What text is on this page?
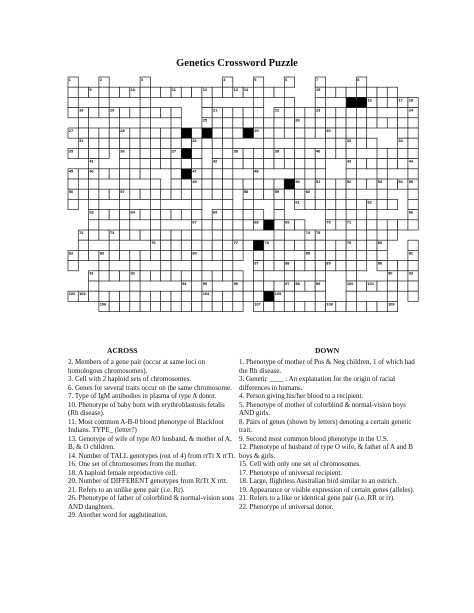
Genetics Crossword Puzzle
1	2	3	4	5	6	7	8
9	10	11	12	13 14	15
16	17 18
19	20	21	22	23	24
25	26
27	28	29	30
31	32	33	34
35	36	37	38	39	40
41	42	43	44
45	46	47	48
49	50	51	52	53	54 55
56	57	58	59	60
61	62
63	64	65	66
67	68	69	70	71
72	73	74 75
76	77	78	79	80
81
82	83	84	85
86
87	88	89
90
91	92	93
94	95	96	97 98	99	100	101
102 103	104	105
106	107	108	109
ACROSS	DOWN

2. Members of a gene pair (occur at same loci on homologous chromosomes).

3. Cell with 2 haploid sets of chromosomes.

6. Genes for several traits occur on the same chromosome.

7. Type of IgM antibodies in plasma of type A donor.

10. Phenotype of baby born with erythroblastosis fetalis (Rh disease).

11. Most common A-B-0 blood phenotype of Blackfoot Indians. TYPE_ (letter?)

13. Genotype of wife of type AO husband, & mother of A, B, & O children.

14. Number of TALL genotypes (out of 4) from rrTt X rrTt.

16. One set of chromosomes from the mother.

18. A haploid female reproductive cell.

20. Number of DIFFERENT genotypes from RrTt X rrtt.

21. Refers to an unlike gene pair (i.e. Rr).

26. Phenotype of father of colorblind & normal-vision sons AND daughters.

29. Another word for agglutination.

1. Phenotype of mother of Pos & Neg children, 1 of which had the Rh disease.

3. Genetic ____ : An explanation for the origin of racial differences in humans.

4. Person giving his/her blood to a recipient.

5. Phenotype of mother of colorblind & normal-vision boys AND girls.

8. Pairs of genes (shown by letters) denoting a certain genetic trait.

9. Second most common blood phenotype in the U.S.

12. Phenotype of husband of type O wife, & father of A and B boys & girls.

15. Cell with only one set of chromosomes.

17. Phenotype of universal recipient.

18. Large, flightless Australian bird similar to an ostrich.

19. Appearance or visible expression of certain genes (alleles).

21. Refers to a like or identical gene pair (i.e. RR or rr).

22. Phenotype of universal donor.
